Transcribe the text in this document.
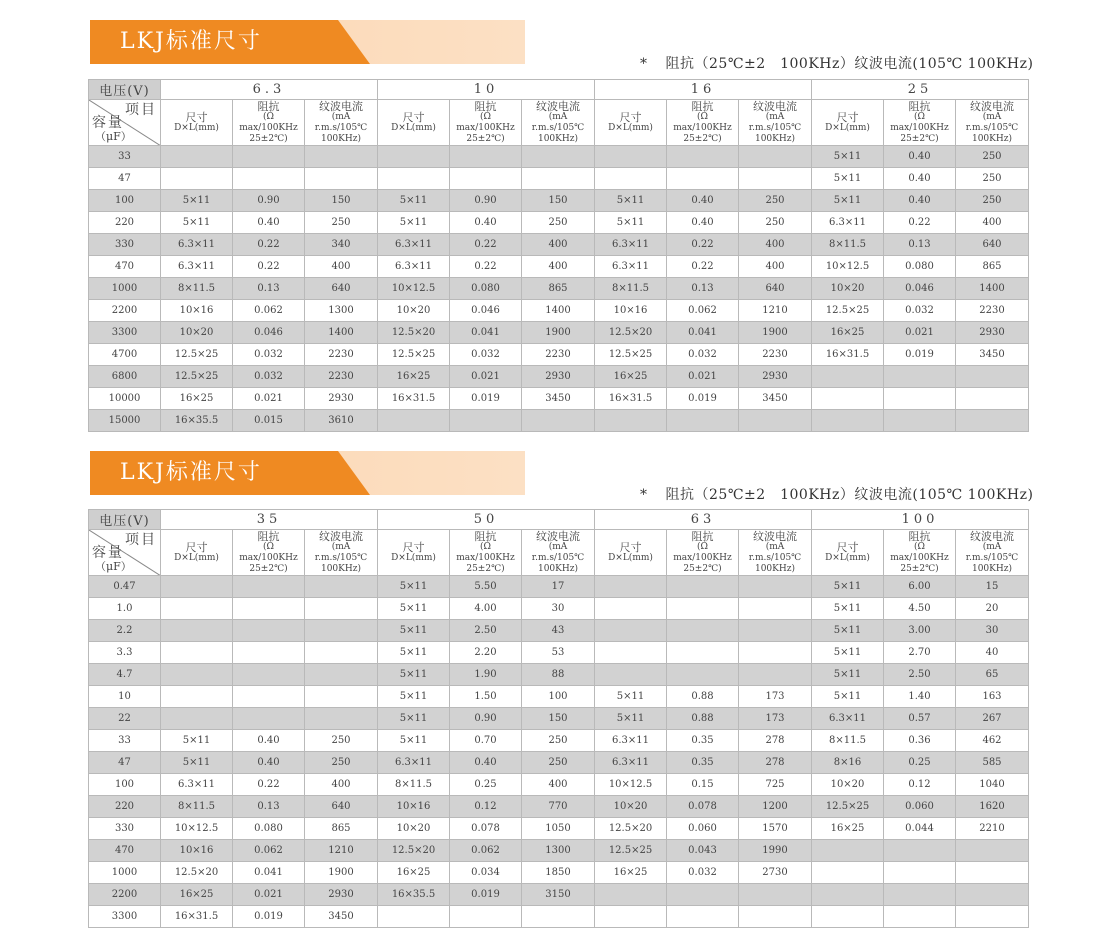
LKJ标准尺寸
* 阻抗（25℃±2　100KHz）纹波电流(105℃ 100KHz)
电压(V)	6.3			10			16			25		

项目
容量
（μF）	尺寸
D×L(mm)	阻抗
(Ω max/100KHz
25±2℃)	纹波电流
(mA r.m.s/105℃
100KHz)	尺寸
D×L(mm)	阻抗
(Ω max/100KHz
25±2℃)	纹波电流
(mA r.m.s/105℃
100KHz)	尺寸
D×L(mm)	阻抗
(Ω max/100KHz
25±2℃)	纹波电流
(mA r.m.s/105℃
100KHz)	尺寸
D×L(mm)	阻抗
(Ω max/100KHz
25±2℃)	纹波电流
(mA r.m.s/105℃
100KHz)

33										5×11	0.40	250
47										5×11	0.40	250
100	5×11	0.90	150	5×11	0.90	150	5×11	0.40	250	5×11	0.40	250
220	5×11	0.40	250	5×11	0.40	250	5×11	0.40	250	6.3×11	0.22	400
330	6.3×11	0.22	340	6.3×11	0.22	400	6.3×11	0.22	400	8×11.5	0.13	640
470	6.3×11	0.22	400	6.3×11	0.22	400	6.3×11	0.22	400	10×12.5	0.080	865
1000	8×11.5	0.13	640	10×12.5	0.080	865	8×11.5	0.13	640	10×20	0.046	1400
2200	10×16	0.062	1300	10×20	0.046	1400	10×16	0.062	1210	12.5×25	0.032	2230
3300	10×20	0.046	1400	12.5×20	0.041	1900	12.5×20	0.041	1900	16×25	0.021	2930
4700	12.5×25	0.032	2230	12.5×25	0.032	2230	12.5×25	0.032	2230	16×31.5	0.019	3450
6800	12.5×25	0.032	2230	16×25	0.021	2930	16×25	0.021	2930			
10000	16×25	0.021	2930	16×31.5	0.019	3450	16×31.5	0.019	3450			
15000	16×35.5	0.015	3610									
LKJ标准尺寸
* 阻抗（25℃±2　100KHz）纹波电流(105℃ 100KHz)
电压(V)	35			50			63			100		

项目
容量
（μF）	尺寸
D×L(mm)	阻抗
(Ω max/100KHz
25±2℃)	纹波电流
(mA r.m.s/105℃
100KHz)	尺寸
D×L(mm)	阻抗
(Ω max/100KHz
25±2℃)	纹波电流
(mA r.m.s/105℃
100KHz)	尺寸
D×L(mm)	阻抗
(Ω max/100KHz
25±2℃)	纹波电流
(mA r.m.s/105℃
100KHz)	尺寸
D×L(mm)	阻抗
(Ω max/100KHz
25±2℃)	纹波电流
(mA r.m.s/105℃
100KHz)

0.47				5×11	5.50	17				5×11	6.00	15
1.0				5×11	4.00	30				5×11	4.50	20
2.2				5×11	2.50	43				5×11	3.00	30
3.3				5×11	2.20	53				5×11	2.70	40
4.7				5×11	1.90	88				5×11	2.50	65
10				5×11	1.50	100	5×11	0.88	173	5×11	1.40	163
22				5×11	0.90	150	5×11	0.88	173	6.3×11	0.57	267
33	5×11	0.40	250	5×11	0.70	250	6.3×11	0.35	278	8×11.5	0.36	462
47	5×11	0.40	250	6.3×11	0.40	250	6.3×11	0.35	278	8×16	0.25	585
100	6.3×11	0.22	400	8×11.5	0.25	400	10×12.5	0.15	725	10×20	0.12	1040
220	8×11.5	0.13	640	10×16	0.12	770	10×20	0.078	1200	12.5×25	0.060	1620
330	10×12.5	0.080	865	10×20	0.078	1050	12.5×20	0.060	1570	16×25	0.044	2210
470	10×16	0.062	1210	12.5×20	0.062	1300	12.5×25	0.043	1990			
1000	12.5×20	0.041	1900	16×25	0.034	1850	16×25	0.032	2730			
2200	16×25	0.021	2930	16×35.5	0.019	3150						
3300	16×31.5	0.019	3450									
